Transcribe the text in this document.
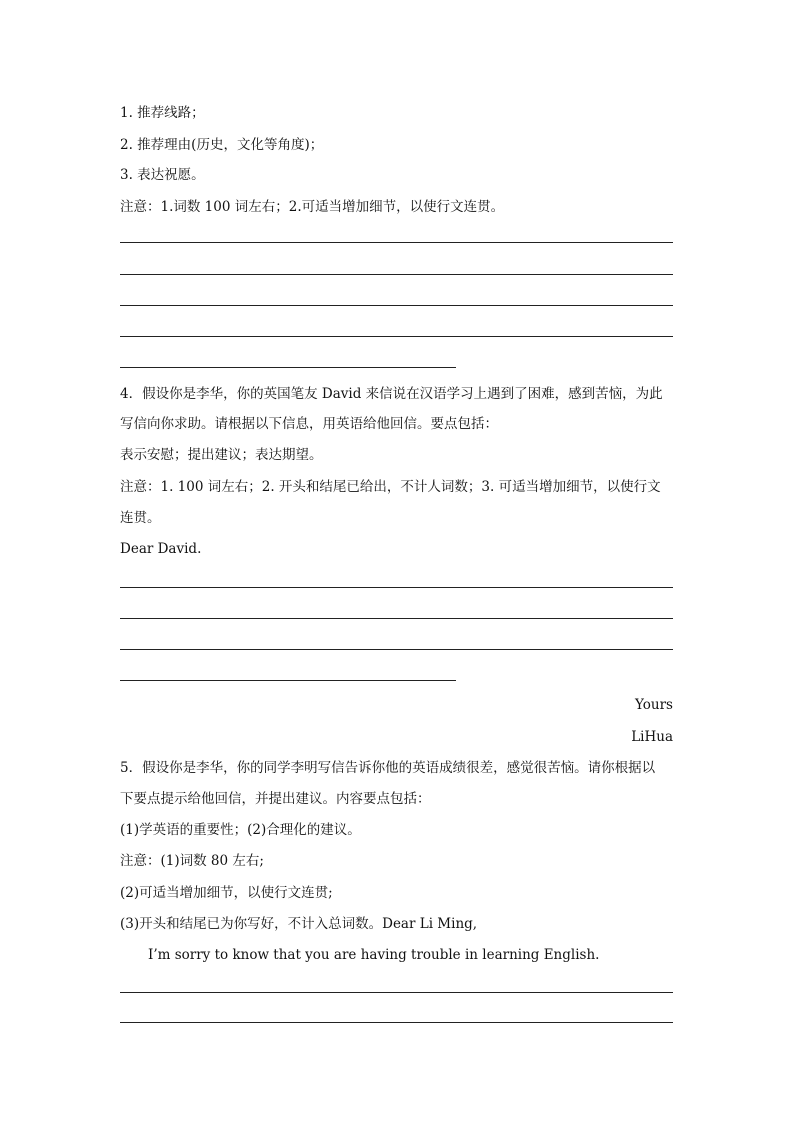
1. 推荐线路；
2. 推荐理由(历史，文化等角度)；
3. 表达祝愿。
注意：1.词数 100 词左右；2.可适当增加细节，以使行文连贯。
4．假设你是李华，你的英国笔友 David 来信说在汉语学习上遇到了困难，感到苦恼，为此
写信向你求助。请根据以下信息，用英语给他回信。要点包括：
表示安慰；提出建议；表达期望。
注意：1. 100 词左右；2. 开头和结尾已给出，不计人词数；3. 可适当增加细节，以使行文
连贯。
Dear David.
Yours
LiHua
5．假设你是李华，你的同学李明写信告诉你他的英语成绩很差，感觉很苦恼。请你根据以
下要点提示给他回信，并提出建议。内容要点包括：
(1)学英语的重要性；(2)合理化的建议。
注意：(1)词数 80 左右;
(2)可适当增加细节，以使行文连贯;
(3)开头和结尾已为你写好，不计入总词数。Dear Li Ming,
I’m sorry to know that you are having trouble in learning English.
